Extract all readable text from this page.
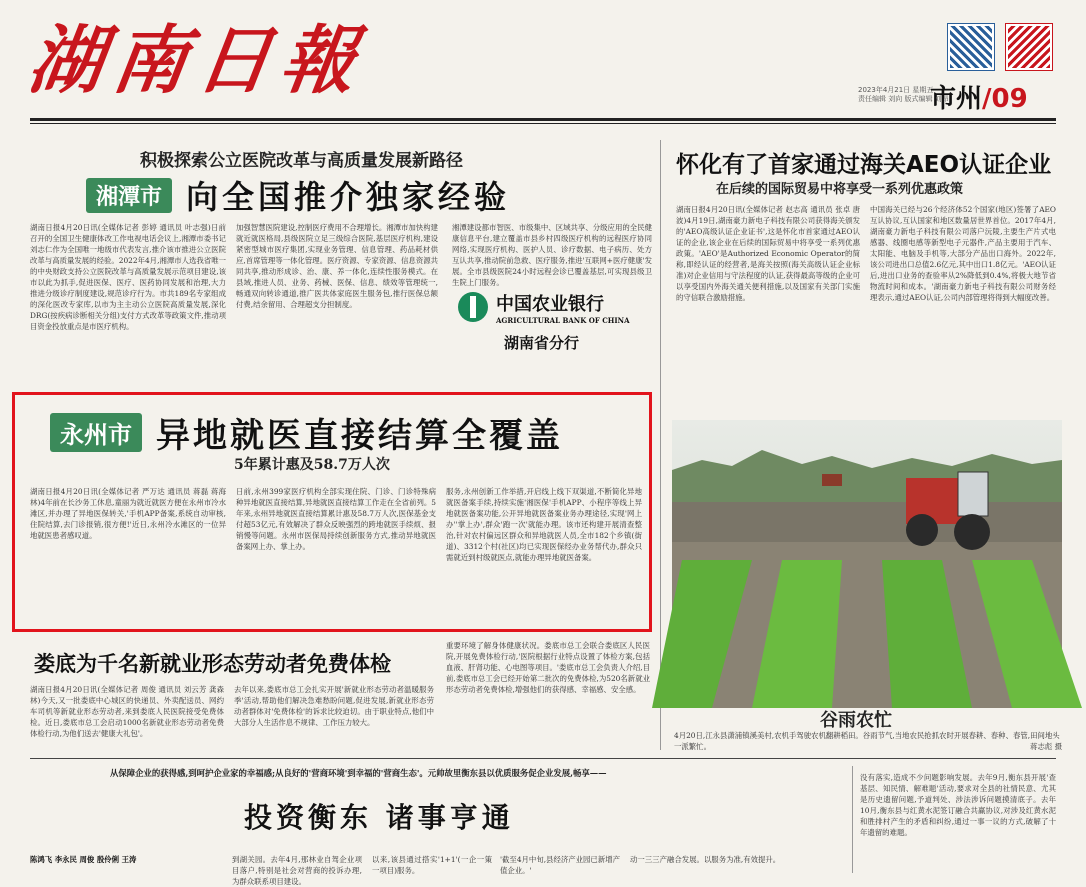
湖南日報	2023年4月21日 星期五
责任编辑 刘向 版式编辑 刘昂
市州/09
积极探索公立医院改革与高质量发展新路径
湘潭市 向全国推介独家经验
湖南日报4月20日讯(全媒体记者 彭婷 通讯员 叶志强)日前召开的全国卫生健康体改工作电视电话会议上,湘潭市委书记刘志仁作为全国唯一地级市代表发言,推介该市推进公立医院改革与高质量发展的经验。2022年4月,湘潭市人选我省唯一的中央财政支持公立医院改革与高质量发展示范项目建设,该市以此为抓手,促进医保、医疗、医药协同发展和治理,大力推进分级诊疗制度建设,规范诊疗行为。市共189名专家组成的深化医改专家库,以市为主主动公立医院高质量发展,深化DRG(按疾病诊断相关分组)支付方式改革等政策文件,推动项目资金投放重点是市医疗机构。
加强智慧医院建设,控制医疗费用不合理增长。湘潭市加快构建就近就医格局,县级医院立足三级综合医院,基层医疗机构,建设紧密型城市医疗集团,实现业务管理、信息管理、药品耗材供应,首席管理等一体化管理。医疗资源、专家资源、信息资源共同共享,推动形成诊、治、康、养一体化,连续性服务模式。在县域,推进人员、业务、药械、医保、信息、绩效等管理统一,畅通双向转诊通道,推广医共体家庭医生服务包,推行医保总额付费,结余留用、合理超支分担制度。
湘潭建设都市智医、市级集中、区域共享、分级应用的全民健康信息平台,建立覆盖市县乡村四级医疗机构的远程医疗协同网络,实现医疗机构、医护人员、诊疗数据、电子病历、处方互认共享,推动院前急救、医疗服务,推进'互联网+医疗健康'发展。全市县级医院24小时远程会诊已覆盖基层,可实现县级卫生院上门服务。
中国农业银行
AGRICULTURAL BANK OF CHINA
湖南省分行
怀化有了首家通过海关AEO认证企业
在后续的国际贸易中将享受一系列优惠政策
湖南日报4月20日讯(全媒体记者 赵志高 通讯员 张卓 唐波)4月19日,湖南豪力新电子科技有限公司获得海关颁发的'AEO高级认证企业证书',这是怀化市首家通过AEO认证的企业,该企业在后续的国际贸易中将享受一系列优惠政策。'AEO'是Authorized Economic Operator的简称,即经认证的经营者,是海关按照(海关高级认证企业标准)对企业信用与守法程度的认证,获得最高等级的企业可以享受国内外海关通关便利措施,以及国家有关部门实施的守信联合激励措施。
中国海关已经与26个经济体52个国家(地区)签署了AEO互认协议,互认国家和地区数量居世界首位。2017年4月,湖南豪力新电子科技有限公司落户沅陵,主要生产片式电感器、线圈电感等新型电子元器件,产品主要用于汽车、太阳能、电脑及手机等,大部分产品出口海外。2022年,该公司进出口总值2.6亿元,其中出口1.8亿元。'AEO认证后,进出口业务的查验率从2%降低到0.4%,将极大地节省物流时间和成本。'湖南豪力新电子科技有限公司财务经理表示,通过AEO认证,公司内部管理将得到大幅度改善。
谷雨农忙
4月20日,江永县潇浦镇溪美村,农机手驾驶农机翻耕稻田。谷雨节气,当地农民抢抓农时开展春耕、春种、春管,田间地头一派繁忙。	蒋志彪 摄
永州市 异地就医直接结算全覆盖
5年累计惠及58.7万人次
湖南日报4月20日讯(全媒体记者 严万达 通讯员 蒋磊 蒋海林)4年前在长沙务工休息,童丽为就近就医方便在永州市冷水滩区,并办理了异地医保转关,'手机APP备案,系统自动审核,住院结算,去门诊报销,很方便!'近日,永州冷水滩区的一位异地就医患者感叹道。
日前,永州399家医疗机构全部实现住院、门诊、门诊特殊病种异地就医直接结算,异地就医直接结算工作走在全省前列。5年来,永州异地就医直接结算累计惠及58.7万人次,医保基金支付超53亿元,有效解决了群众反映强烈的跨地就医手续烦、报销慢等问题。永州市医保局持续创新服务方式,推动异地就医备案网上办、掌上办。
服务,永州创新工作举措,开启线上线下双渠道,不断简化异地就医备案手续,持续实施'湘医保'手机APP、小程序等线上异地就医备案功能,公开异地就医备案业务办理途径,实现'网上办''掌上办',群众'跑一次'就能办理。该市还构建开展清查整治,针对农村偏远区群众和异地就医人员,全市182个乡镇(街道)、3312个村(社区)均已实现医保经办业务帮代办,群众只需就近到村级就医点,就能办理异地就医备案。
娄底为千名新就业形态劳动者免费体检
湖南日报4月20日讯(全媒体记者 周俊 通讯员 刘云芳 龚森林)今天,又一批娄底中心城区的快递员、外卖配送员、网约车司机等新就业形态劳动者,来到娄底人民医院接受免费体检。近日,娄底市总工会启动1000名新就业形态劳动者免费体检行动,为他们送去'健康大礼包'。
去年以来,娄底市总工会扎实开展'新就业形态劳动者温暖服务季'活动,帮助他们解决急难愁盼问题,促进发展,新就业形态劳动者群体对'免费体检'的诉求比较迫切。由于职业特点,他们中大部分人生活作息不规律、工作压力较大。
重要环境了解身体健康状况。娄底市总工会联合娄底区人民医院,开展免费体检行动,'医院根据行业特点设置了体检方案,包括血液、肝肾功能、心电图等项目。'娄底市总工会负责人介绍,目前,娄底市总工会已经开始第二批次的免费体检,为520名新就业形态劳动者免费体检,增强他们的获得感、幸福感、安全感。
从保障企业的获得感,到呵护企业家的幸福感;从良好的'营商环境'到幸福的'营商生态'。元帅故里衡东县以优质服务促企业发展,畅享——
投资衡东 诸事亨通
陈鸿飞 李永民 周俊 殷伶俐 王涛	到湖关园。去年4月,那林业自驾企业项目落户,特别是社会对营商的投诉办理,为群众联系项目建设。
以来,该县通过搭实'1+1'(一企一策一项目)服务。
'截至4月中旬,县经济产业园已新增产值企业。'
动一三三产融合发展。以服务为准,有效提升。
没有落实,造成不少问题影响发展。去年9月,衡东县开展'查基层、知民情、解难题'活动,要求对全县的社情民意、尤其是历史遗留问题,予道判处、涉法涉诉问题摸清底子。去年10月,衡东县与红黄水泥签订融合共赢协议,对涉及红黄水泥和胜排村产生的矛盾和纠纷,通过一事一议的方式,破解了十年遗留的难题。
